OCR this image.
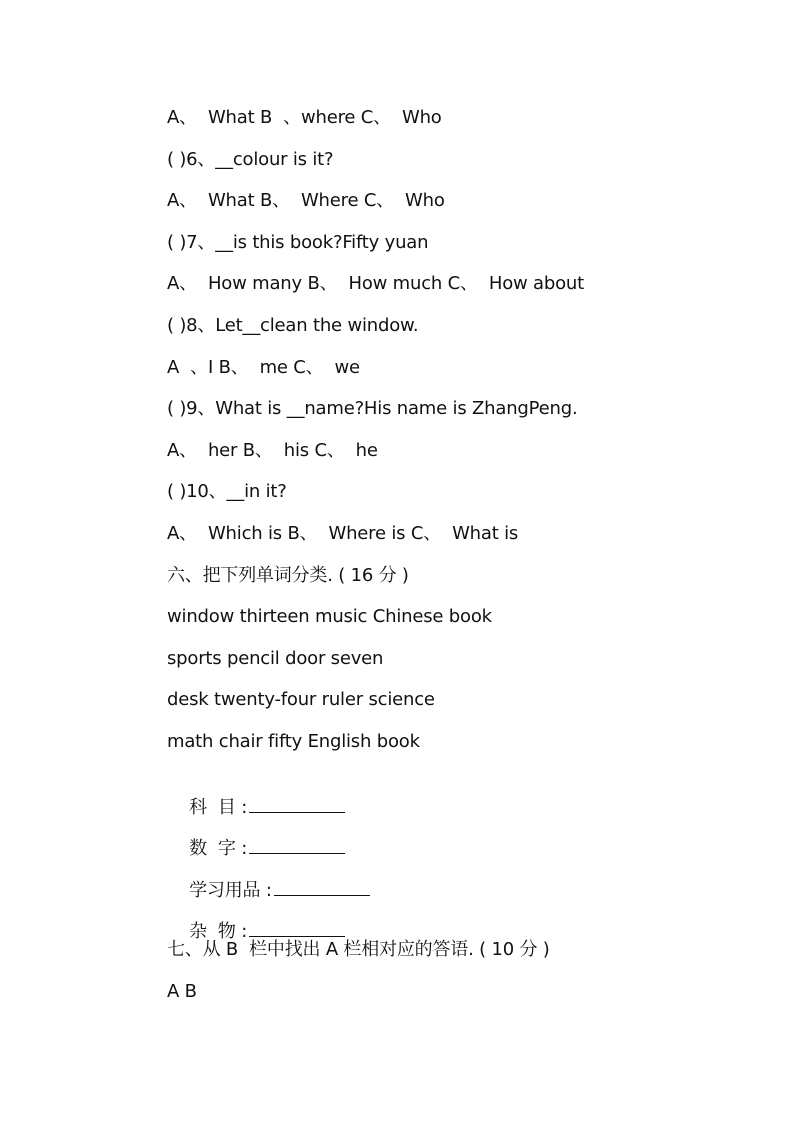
A、  What B  、where C、  Who
( )6、__colour is it?
A、  What B、  Where C、  Who
( )7、__is this book?Fifty yuan
A、  How many B、  How much C、  How about
( )8、Let__clean the window.
A  、I B、  me C、  we
( )9、What is __name?His name is ZhangPeng.
A、  her B、  his C、  he
( )10、__in it?
A、  Which is B、  Where is C、  What is
六、把下列单词分类. ( 16 分 )
window thirteen music Chinese book
sports pencil door seven
desk twenty-four ruler science
math chair fifty English book

科  目 :

数  字 :

学习用品 :

杂  物 :

七、从 B  栏中找出 A 栏相对应的答语. ( 10 分 )
A B
